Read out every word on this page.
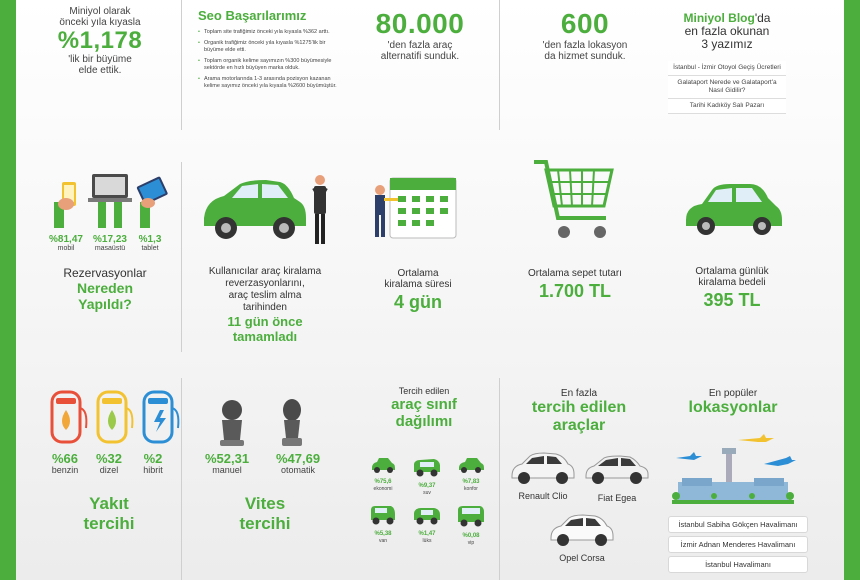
Miniyol olarak
önceki yıla kıyasla
%1,178
'lik bir büyüme
elde ettik.
Seo Başarılarımız
• Toplam site trafiğimiz önceki yıla kıyasla %362 arttı.
• Organik trafiğimiz önceki yıla kıyasla %1275'lik bir büyüme elde etti.
• Toplam organik kelime sayımızın %300 büyümesiyle sektörde en hızlı büyüyen marka olduk.
• Arama motorlarında 1-3 arasında pozisyon kazanan kelime sayımız önceki yıla kıyasla %2600 büyümüştür.
80.000
'den fazla araç
alternatifi sunduk.
600
'den fazla lokasyon
da hizmet sunduk.
Miniyol Blog'da
en fazla okunan
3 yazımız
İstanbul - İzmir Otoyol Geçiş Ücretleri
Galataport Nerede ve Galataport'a Nasıl Gidilir?
Tarihi Kadıköy Salı Pazarı
%81,47
mobil
%17,23
masaüstü
%1,3
tablet
Rezervasyonlar
Nereden
Yapıldı?
Kullanıcılar araç kiralama
reverzasyonlarını,
araç teslim alma
tarihinden
11 gün önce
tamamladı
Ortalama
kiralama süresi
4 gün
Ortalama sepet tutarı
1.700 TL
Ortalama günlük
kiralama bedeli
395 TL
%66
benzin
%32
dizel
%2
hibrit
Yakıt
tercihi
%52,31
manuel
%47,69
otomatik
Vites
tercihi
Tercih edilen
araç sınıf
dağılımı
%75,6
ekonomi	%9,37
suv
%7,83
konfor
%5,38
van
%1,47
lüks
%0,08
vip
En fazla
tercih edilen
araçlar
Renault Clio	Fiat Egea
Opel Corsa
En popüler
lokasyonlar
İstanbul Sabiha Gökçen Havalimanı
İzmir Adnan Menderes Havalimanı
İstanbul Havalimanı
